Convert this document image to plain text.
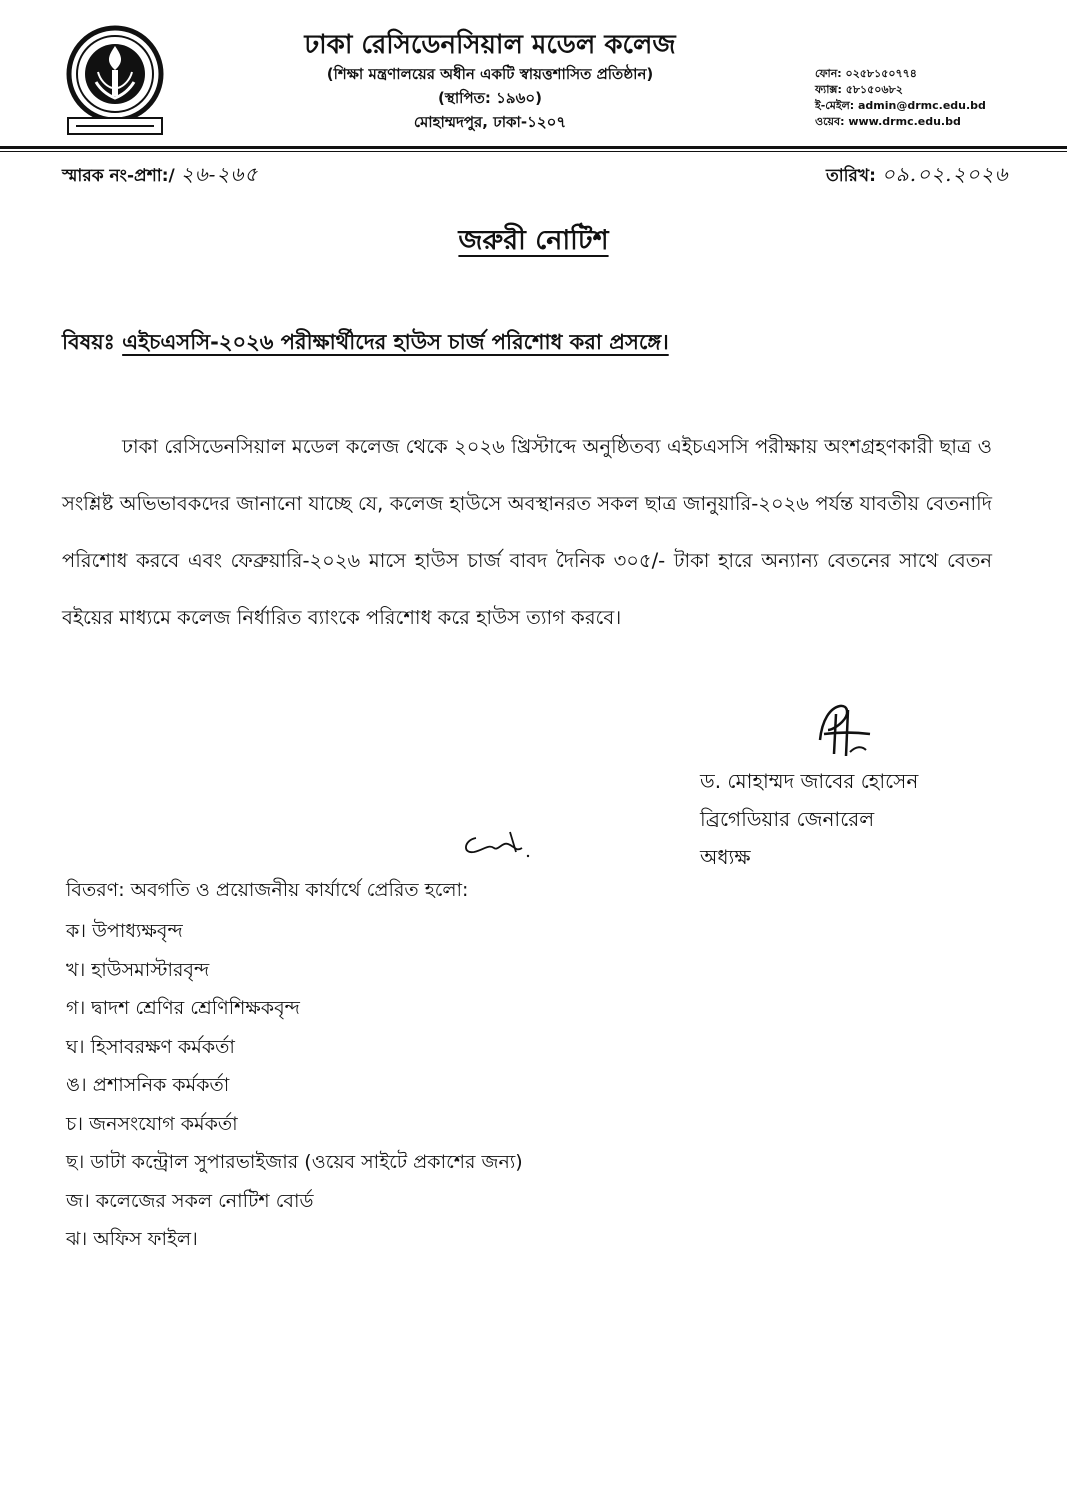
ঢাকা রেসিডেনসিয়াল মডেল কলেজ
(শিক্ষা মন্ত্রণালয়ের অধীন একটি স্বায়ত্তশাসিত প্রতিষ্ঠান)
(স্থাপিত: ১৯৬০)
মোহাম্মদপুর, ঢাকা-১২০৭
ফোন: ০২৫৮১৫০৭৭৪
ফ্যাক্স: ৫৮১৫০৬৮২
ই-মেইল: admin@drmc.edu.bd
ওয়েব: www.drmc.edu.bd
স্মারক নং-প্রশা:/ ২৬-২৬৫	তারিখ: ০৯.০২.২০২৬
জরুরী নোটিশ
বিষয়ঃ এইচএসসি-২০২৬ পরীক্ষার্থীদের হাউস চার্জ পরিশোধ করা প্রসঙ্গে।

ঢাকা রেসিডেনসিয়াল মডেল কলেজ থেকে ২০২৬ খ্রিস্টাব্দে অনুষ্ঠিতব্য এইচএসসি পরীক্ষায় অংশগ্রহণকারী ছাত্র ও সংশ্লিষ্ট অভিভাবকদের জানানো যাচ্ছে যে, কলেজ হাউসে অবস্থানরত সকল ছাত্র জানুয়ারি-২০২৬ পর্যন্ত যাবতীয় বেতনাদি পরিশোধ করবে এবং ফেব্রুয়ারি-২০২৬ মাসে হাউস চার্জ বাবদ দৈনিক ৩০৫/- টাকা হারে অন্যান্য বেতনের সাথে বেতন বইয়ের মাধ্যমে কলেজ নির্ধারিত ব্যাংকে পরিশোধ করে হাউস ত্যাগ করবে।

ড. মোহাম্মদ জাবের হোসেন
ব্রিগেডিয়ার জেনারেল
অধ্যক্ষ
বিতরণ: অবগতি ও প্রয়োজনীয় কার্যার্থে প্রেরিত হলো:
ক। উপাধ্যক্ষবৃন্দ
খ। হাউসমাস্টারবৃন্দ
গ। দ্বাদশ শ্রেণির শ্রেণিশিক্ষকবৃন্দ
ঘ। হিসাবরক্ষণ কর্মকর্তা
ঙ। প্রশাসনিক কর্মকর্তা
চ। জনসংযোগ কর্মকর্তা
ছ। ডাটা কন্ট্রোল সুপারভাইজার (ওয়েব সাইটে প্রকাশের জন্য)
জ। কলেজের সকল নোটিশ বোর্ড
ঝ। অফিস ফাইল।
